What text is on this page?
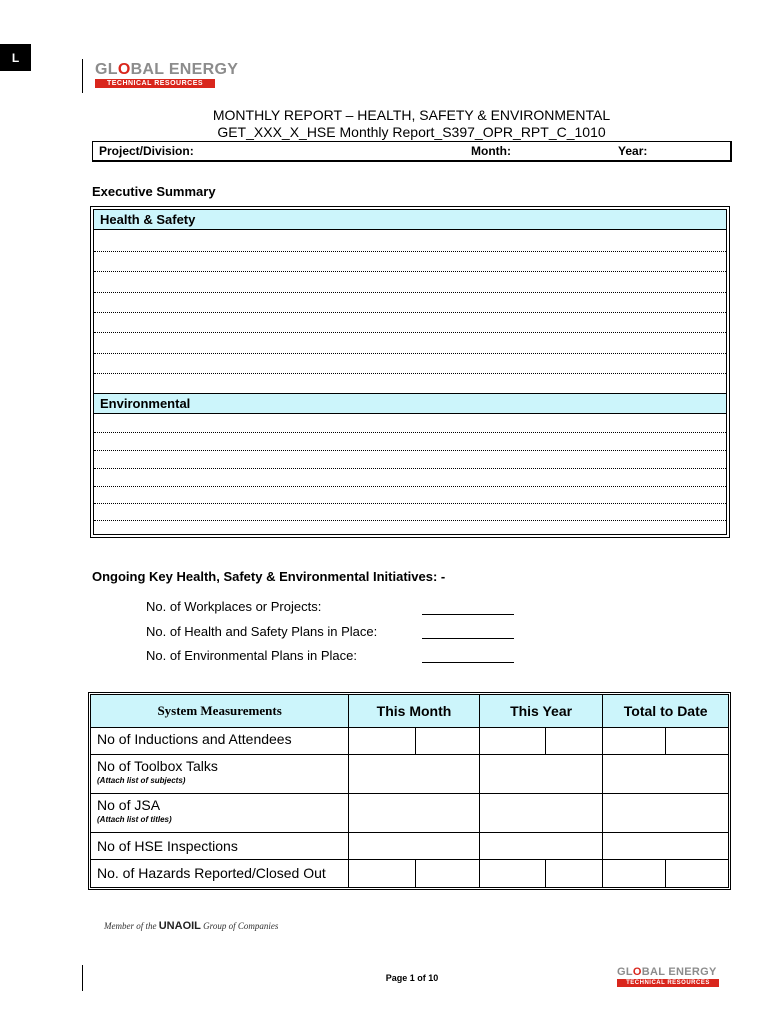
L
GLOBAL ENERGY
TECHNICAL RESOURCES
MONTHLY REPORT – HEALTH, SAFETY & ENVIRONMENTAL
GET_XXX_X_HSE Monthly Report_S397_OPR_RPT_C_1010
Project/Division:	Month:	Year:
Executive Summary
Health & Safety
Environmental
Ongoing Key Health, Safety & Environmental Initiatives: -
No. of Workplaces or Projects:
No. of Health and Safety Plans in Place:
No. of Environmental Plans in Place:
System Measurements	This Month		This Year		Total to Date	

No of Inductions and Attendees						

No of Toolbox Talks
(Attach list of subjects)						

No of JSA
(Attach list of titles)						

No of HSE Inspections						

No. of Hazards Reported/Closed Out						

Member of the UNAOIL Group of Companies
Page 1 of 10	GLOBAL ENERGY
TECHNICAL RESOURCES
